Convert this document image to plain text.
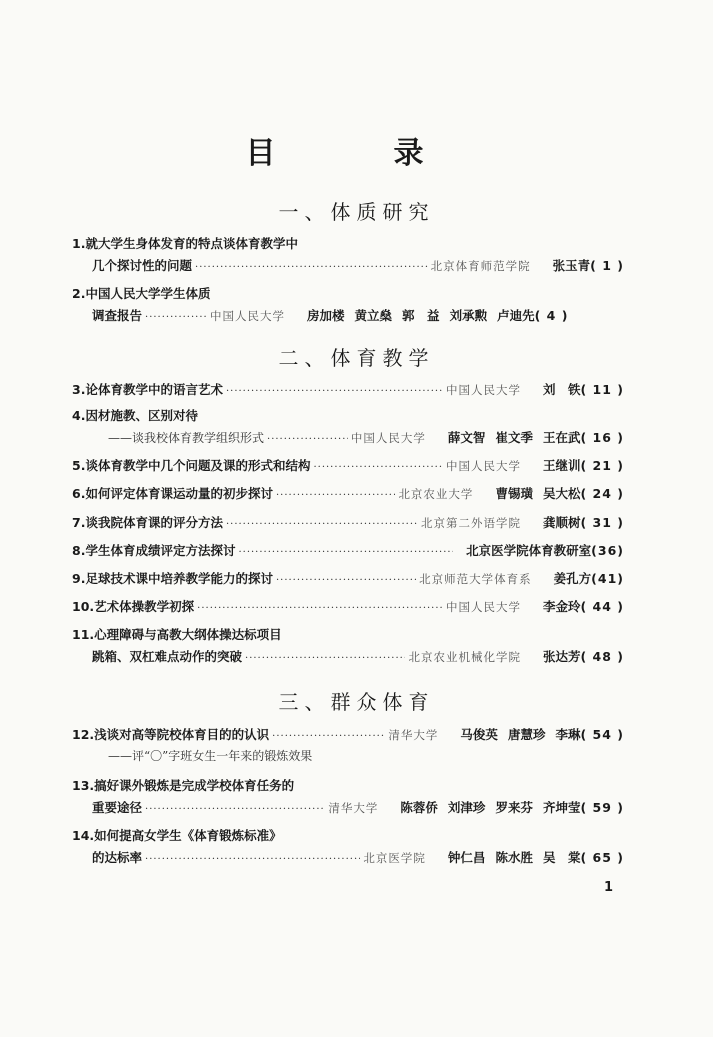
目　录
一、体质研究
1. 就大学生身体发育的特点谈体育教学中
几个探讨性的问题 ·····	北京体育师范学院 张玉青 ( 1 )
2. 中国人民大学学生体质
调查报告 ·····	中国人民大学 房加楼 黄立燊 郭　益 刘承勲 卢迪先 ( 4 )
二、体育教学
3. 论体育教学中的语言艺术 ·····	中国人民大学 刘　铁 ( 11 )
4. 因材施教、区别对待
——谈我校体育教学组织形式 ·····	中国人民大学 薛文智 崔文季 王在武 ( 16 )
5. 谈体育教学中几个问题及课的形式和结构 ·····	中国人民大学 王继训 ( 21 )
6. 如何评定体育课运动量的初步探讨 ·····	北京农业大学 曹锡璜 吴大松 ( 24 )
7. 谈我院体育课的评分方法 ·····	北京第二外语学院 龚顺树 ( 31 )
8. 学生体育成绩评定方法探讨 ·····	北京医学院体育教研室 (36)
9. 足球技术课中培养教学能力的探讨 ·····	北京师范大学体育系 姜孔方 (41)
10. 艺术体操教学初探 ·····	中国人民大学 李金玲 ( 44 )
11. 心理障碍与高教大纲体操达标项目
跳箱、双杠难点动作的突破 ·····	北京农业机械化学院 张达芳 ( 48 )
三、群众体育
12. 浅谈对高等院校体育目的的认识 ·····	清华大学 马俊英 唐慧珍 李琳 ( 54 )
——评“〇”字班女生一年来的锻炼效果
13. 搞好课外锻炼是完成学校体育任务的
重要途径 ·····	清华大学 陈蓉侨 刘津珍 罗来芬 齐坤莹 ( 59 )
14. 如何提高女学生《体育锻炼标准》
的达标率 ·····	北京医学院 钟仁昌 陈水胜 吴　棠 ( 65 )
1
